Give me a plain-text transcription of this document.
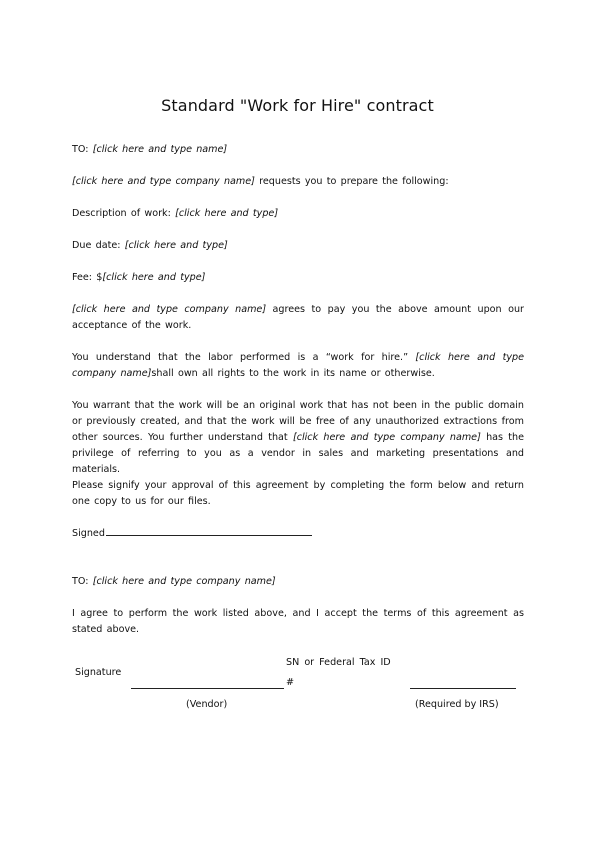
Standard "Work for Hire" contract

TO: [click here and type name]

[click here and type company name] requests you to prepare the following:

Description of work: [click here and type]

Due date: [click here and type]

Fee: $[click here and type]

[click here and type company name] agrees to pay you the above amount upon our acceptance of the work.

You understand that the labor performed is a “work for hire.” [click here and type company name]shall own all rights to the work in its name or otherwise.

You warrant that the work will be an original work that has not been in the public domain or previously created, and that the work will be free of any unauthorized extractions from other sources. You further understand that [click here and type company name] has the privilege of referring to you as a vendor in sales and marketing presentations and materials.

Please signify your approval of this agreement by completing the form below and return one copy to us for our files.

Signed

TO: [click here and type company name]

I agree to perform the work listed above, and I accept the terms of this agreement as stated above.

SN or Federal Tax ID
Signature
#
(Vendor)	(Required by IRS)
